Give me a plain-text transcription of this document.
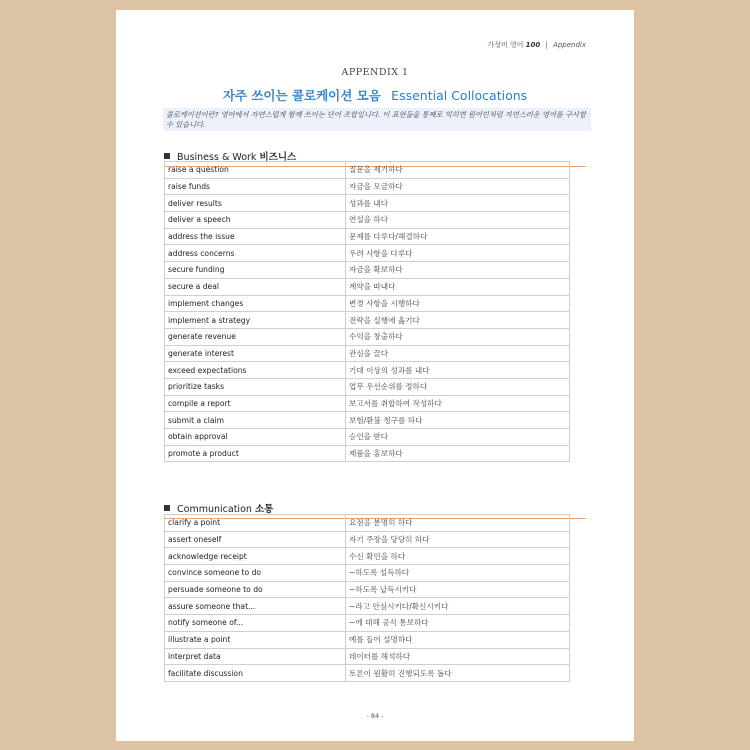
가성비 영어 100 | Appendix
APPENDIX 1
자주 쓰이는 콜로케이션 모음 Essential Collocations
콜로케이션이란? 영어에서 자연스럽게 함께 쓰이는 단어 조합입니다. 이 표현들을 통째로 익히면 원어민처럼 자연스러운 영어를 구사할 수 있습니다.
Business & Work 비즈니스
raise a question	질문을 제기하다
raise funds	자금을 모금하다
deliver results	성과를 내다
deliver a speech	연설을 하다
address the issue	문제를 다루다/해결하다
address concerns	우려 사항을 다루다
secure funding	자금을 확보하다
secure a deal	계약을 따내다
implement changes	변경 사항을 시행하다
implement a strategy	전략을 실행에 옮기다
generate revenue	수익을 창출하다
generate interest	관심을 끌다
exceed expectations	기대 이상의 성과를 내다
prioritize tasks	업무 우선순위를 정하다
compile a report	보고서를 취합하여 작성하다
submit a claim	보험/환불 청구를 하다
obtain approval	승인을 받다
promote a product	제품을 홍보하다
Communication 소통
clarify a point	요점을 분명히 하다
assert oneself	자기 주장을 당당히 하다
acknowledge receipt	수신 확인을 하다
convince someone to do	~하도록 설득하다
persuade someone to do	~하도록 납득시키다
assure someone that...	~라고 안심시키다/확신시키다
notify someone of...	~에 대해 공식 통보하다
illustrate a point	예를 들어 설명하다
interpret data	데이터를 해석하다
facilitate discussion	토론이 원활히 진행되도록 돕다
- 84 -
